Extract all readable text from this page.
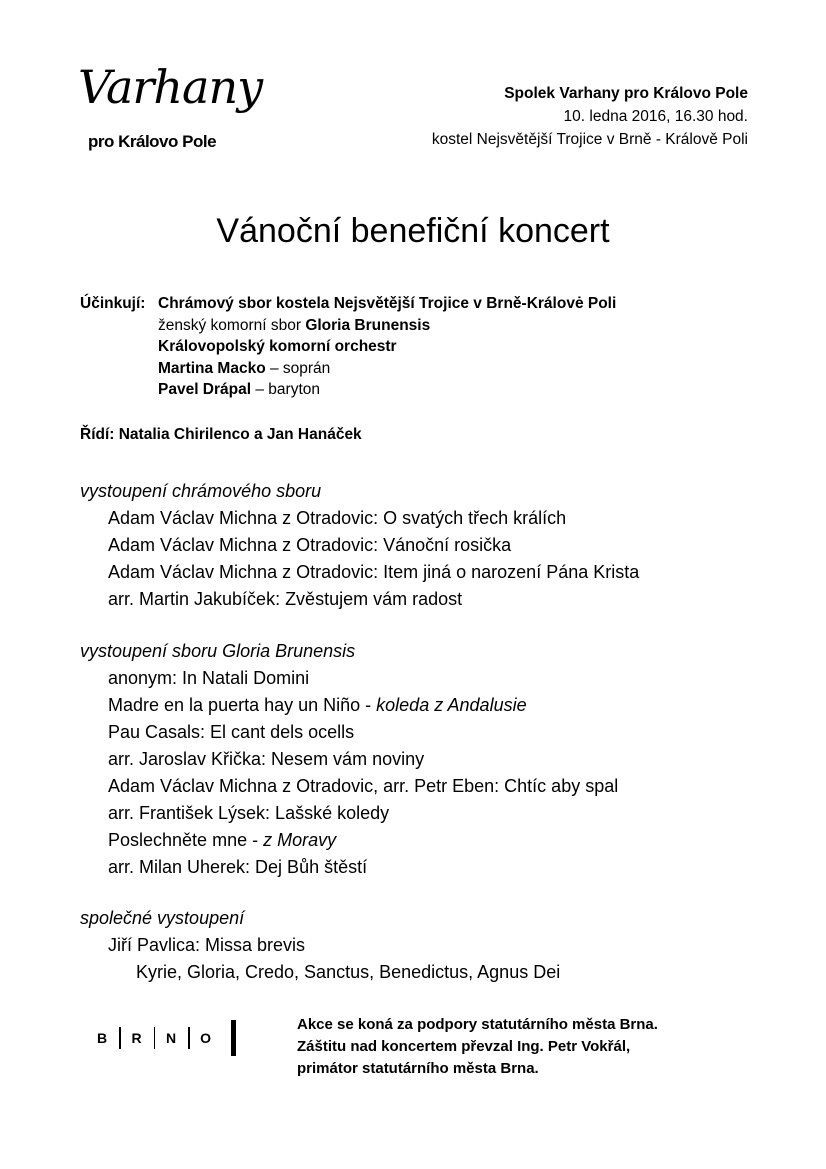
Varhany
pro Královo Pole
Spolek Varhany pro Královo Pole
10. ledna 2016, 16.30 hod.
kostel Nejsvětější Trojice v Brně - Králově Poli
Vánoční benefiční koncert
Účinkují: Chrámový sbor kostela Nejsvětější Trojice v Brně-Královė Poli
ženský komorní sbor Gloria Brunensis
Královopolský komorní orchestr
Martina Macko – soprán
Pavel Drápal – baryton
Řídí: Natalia Chirilenco a Jan Hanáček
vystoupení chrámového sboru
Adam Václav Michna z Otradovic: O svatých třech králích
Adam Václav Michna z Otradovic: Vánoční rosička
Adam Václav Michna z Otradovic: Item jiná o narození Pána Krista
arr. Martin Jakubíček: Zvěstujem vám radost
vystoupení sboru Gloria Brunensis
anonym: In Natali Domini
Madre en la puerta hay un Niño - koleda z Andalusie
Pau Casals: El cant dels ocells
arr. Jaroslav Křička: Nesem vám noviny
Adam Václav Michna z Otradovic, arr. Petr Eben: Chtíc aby spal
arr. František Lýsek: Lašské koledy
Poslechněte mne - z Moravy
arr. Milan Uherek: Dej Bůh štěstí
společné vystoupení
Jiří Pavlica: Missa brevis
Kyrie, Gloria, Credo, Sanctus, Benedictus, Agnus Dei
B R N O
Akce se koná za podpory statutárního města Brna.
Záštitu nad koncertem převzal Ing. Petr Vokřál,
primátor statutárního města Brna.
